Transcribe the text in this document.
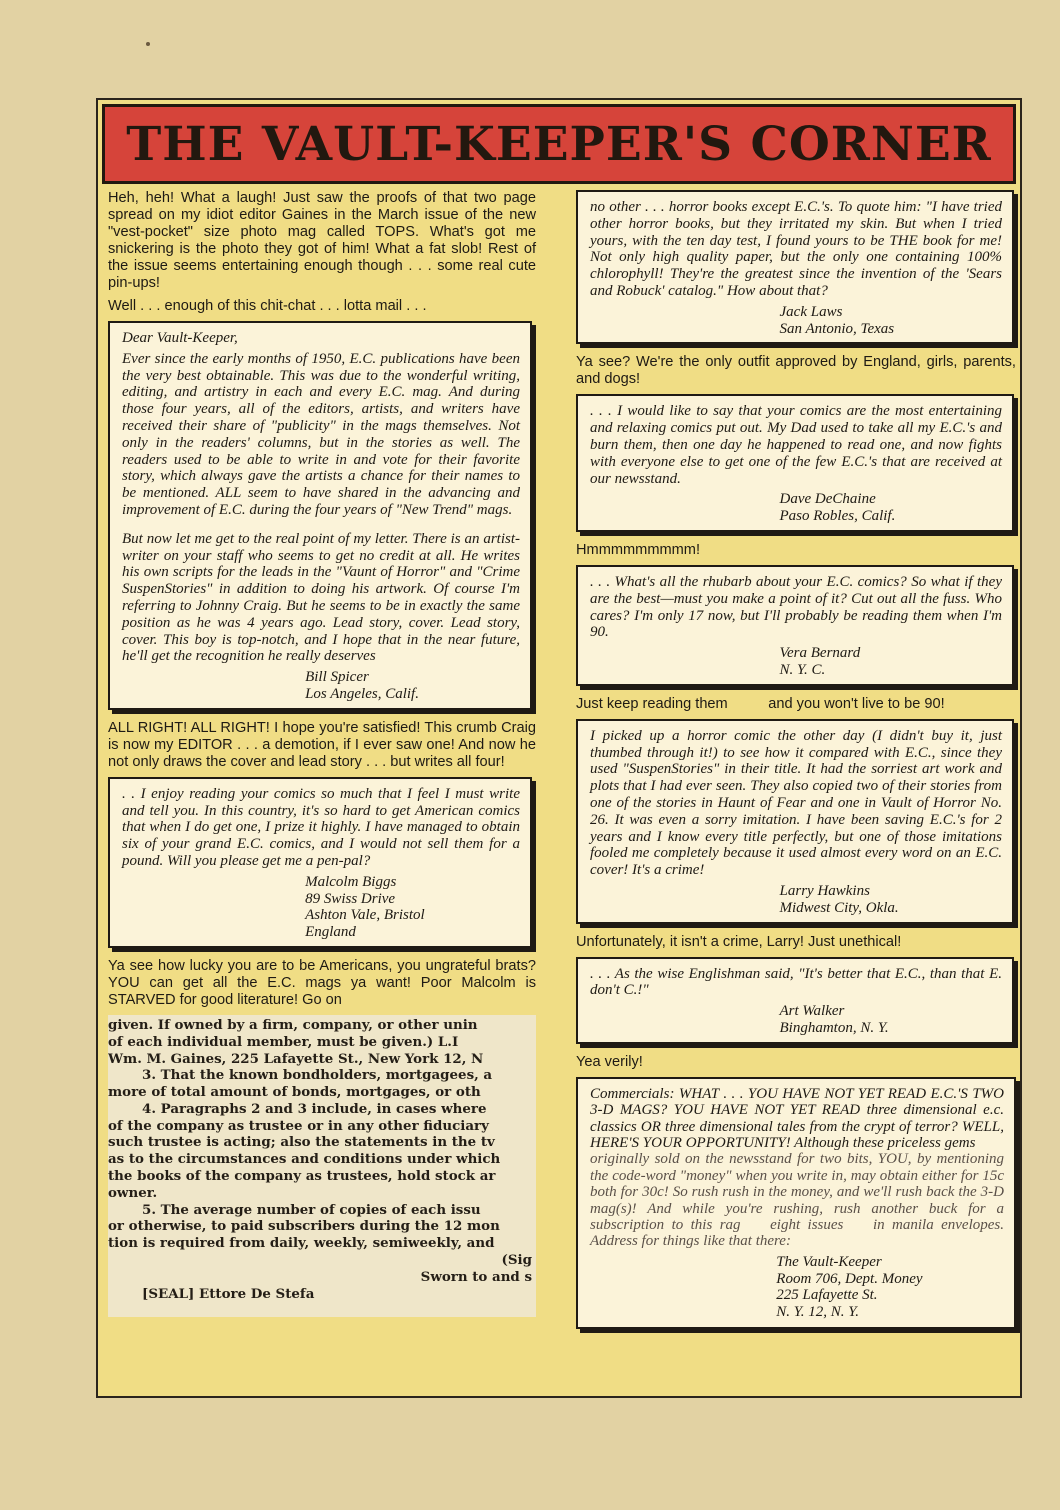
THE VAULT-KEEPER'S CORNER

Heh, heh! What a laugh! Just saw the proofs of that two page spread on my idiot editor Gaines in the March issue of the new "vest-pocket" size photo mag called TOPS. What's got me snickering is the photo they got of him! What a fat slob! Rest of the issue seems entertaining enough though . . . some real cute pin-ups!

Well . . . enough of this chit-chat . . . lotta mail . . .

Dear Vault-Keeper,

Ever since the early months of 1950, E.C. publications have been the very best obtainable. This was due to the wonderful writing, editing, and artistry in each and every E.C. mag. And during those four years, all of the editors, artists, and writers have received their share of "publicity" in the mags themselves. Not only in the readers' columns, but in the stories as well. The readers used to be able to write in and vote for their favorite story, which always gave the artists a chance for their names to be mentioned. ALL seem to have shared in the advancing and improvement of E.C. during the four years of "New Trend" mags.

But now let me get to the real point of my letter. There is an artist-writer on your staff who seems to get no credit at all. He writes his own scripts for the leads in the "Vaunt of Horror" and "Crime SuspenStories" in addition to doing his artwork. Of course I'm referring to Johnny Craig. But he seems to be in exactly the same position as he was 4 years ago. Lead story, cover. Lead story, cover. This boy is top-notch, and I hope that in the near future, he'll get the recognition he really deserves

Bill Spicer
Los Angeles, Calif.

ALL RIGHT! ALL RIGHT! I hope you're satisfied! This crumb Craig is now my EDITOR . . . a demotion, if I ever saw one! And now he not only draws the cover and lead story . . . but writes all four!

. . I enjoy reading your comics so much that I feel I must write and tell you. In this country, it's so hard to get American comics that when I do get one, I prize it highly. I have managed to obtain six of your grand E.C. comics, and I would not sell them for a pound. Will you please get me a pen-pal?

Malcolm Biggs
89 Swiss Drive
Ashton Vale, Bristol
England

Ya see how lucky you are to be Americans, you ungrateful brats? YOU can get all the E.C. mags ya want! Poor Malcolm is STARVED for good literature! Go on

given. If owned by a firm, company, or other unin
of each individual member, must be given.) L.I
Wm. M. Gaines, 225 Lafayette St., New York 12, N
3. That the known bondholders, mortgagees, a
more of total amount of bonds, mortgages, or oth
4. Paragraphs 2 and 3 include, in cases where
of the company as trustee or in any other fiduciary
such trustee is acting; also the statements in the tv
as to the circumstances and conditions under which
the books of the company as trustees, hold stock ar
owner.
5. The average number of copies of each issu
or otherwise, to paid subscribers during the 12 mon
tion is required from daily, weekly, semiweekly, and
(Sig
Sworn to and s
[SEAL] Ettore De Stefa

no other . . . horror books except E.C.'s. To quote him: "I have tried other horror books, but they irritated my skin. But when I tried yours, with the ten day test, I found yours to be THE book for me! Not only high quality paper, but the only one containing 100% chlorophyll! They're the greatest since the invention of the 'Sears and Robuck' catalog." How about that?

Jack Laws
San Antonio, Texas

Ya see? We're the only outfit approved by England, girls, parents, and dogs!

. . . I would like to say that your comics are the most entertaining and relaxing comics put out. My Dad used to take all my E.C.'s and burn them, then one day he happened to read one, and now fights with everyone else to get one of the few E.C.'s that are received at our newsstand.

Dave DeChaine
Paso Robles, Calif.

Hmmmmmmmmm!

. . . What's all the rhubarb about your E.C. comics? So what if they are the best—must you make a point of it? Cut out all the fuss. Who cares? I'm only 17 now, but I'll probably be reading them when I'm 90.

Vera Bernard
N. Y. C.

Just keep reading them          and you won't live to be 90!

I picked up a horror comic the other day (I didn't buy it, just thumbed through it!) to see how it compared with E.C., since they used "SuspenStories" in their title. It had the sorriest art work and plots that I had ever seen. They also copied two of their stories from one of the stories in Haunt of Fear and one in Vault of Horror No. 26. It was even a sorry imitation. I have been saving E.C.'s for 2 years and I know every title perfectly, but one of those imitations fooled me completely because it used almost every word on an E.C. cover! It's a crime!

Larry Hawkins
Midwest City, Okla.

Unfortunately, it isn't a crime, Larry! Just unethical!

. . . As the wise Englishman said, "It's better that E.C., than that E. don't C.!"

Art Walker
Binghamton, N. Y.

Yea verily!

Commercials: WHAT . . . YOU HAVE NOT YET READ E.C.'S TWO 3-D MAGS? YOU HAVE NOT YET READ three dimensional e.c. classics OR three dimensional tales from the crypt of terror? WELL, HERE'S YOUR OPPORTUNITY! Although these priceless gems

originally sold on the newsstand for two bits, YOU, by mentioning the code-word "money" when you write in, may obtain either for 15c    both for 30c! So rush rush in the money, and we'll rush back the 3-D mag(s)! And while you're rushing, rush another buck for a subscription to this rag    eight issues    in manila envelopes. Address for things like that there:

The Vault-Keeper
Room 706, Dept. Money
225 Lafayette St.
N. Y. 12, N. Y.
